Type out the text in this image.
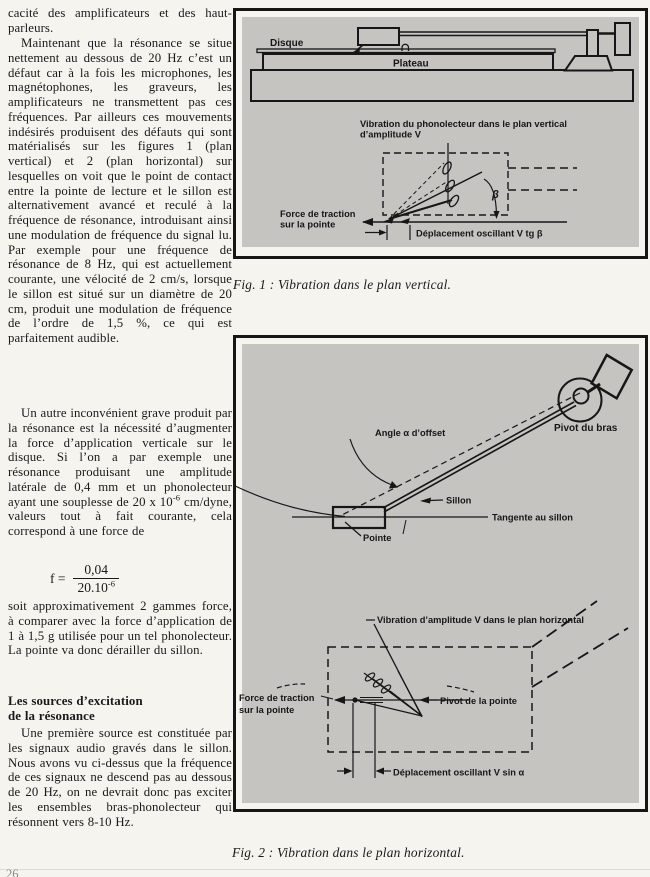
cacité des amplificateurs et des haut-parleurs.

Maintenant que la résonance se situe nettement au dessous de 20 Hz c’est un défaut car à la fois les microphones, les magnétophones, les graveurs, les amplificateurs ne transmettent pas ces fréquences. Par ailleurs ces mouvements indésirés produisent des défauts qui sont matérialisés sur les figures 1 (plan vertical) et 2 (plan horizontal) sur lesquelles on voit que le point de contact entre la pointe de lecture et le sillon est alternativement avancé et reculé à la fréquence de résonance, introduisant ainsi une modulation de fréquence du signal lu. Par exemple pour une fréquence de résonance de 8 Hz, qui est actuellement courante, une vélocité de 2 cm/s, lorsque le sillon est situé sur un diamètre de 20 cm, produit une modulation de fréquence de l’ordre de 1,5 %, ce qui est parfaitement audible.

Un autre inconvénient grave produit par la résonance est la nécessité d’augmenter la force d’application verticale sur le disque. Si l’on a par exemple une résonance produisant une amplitude latérale de 0,4 mm et un phonolecteur ayant une souplesse de 20 x $10^{-6}$ cm/dyne, valeurs tout à fait courante, cela correspond à une force de

$f = \frac{0,04}{20.10^{-6}}$

soit approximativement 2 gammes force, à comparer avec la force d’application de 1 à 1,5 g utilisée pour un tel phonolecteur. La pointe va donc dérailler du sillon.

Les sources d’excitation
de la résonance

Une première source est constituée par les signaux audio gravés dans le sillon. Nous avons vu ci-dessus que la fréquence de ces signaux ne descend pas au dessous de 20 Hz, on ne devrait donc pas exciter les ensembles bras-phonolecteur qui résonnent vers 8-10 Hz.

Disque
Plateau
Vibration du phonolecteur dans le plan vertical
d’amplitude V
β
Force de traction
sur la pointe
Déplacement oscillant V tg β

Fig. 1 : Vibration dans le plan vertical.

Tangente au sillon
Sillon
Pointe
Angle α d’offset	Pivot du bras
Vibration d’amplitude V dans le plan horizontal
Force de traction
sur la pointe
Pivot de la pointe
Déplacement oscillant V sin α

Fig. 2 : Vibration dans le plan horizontal.

26
